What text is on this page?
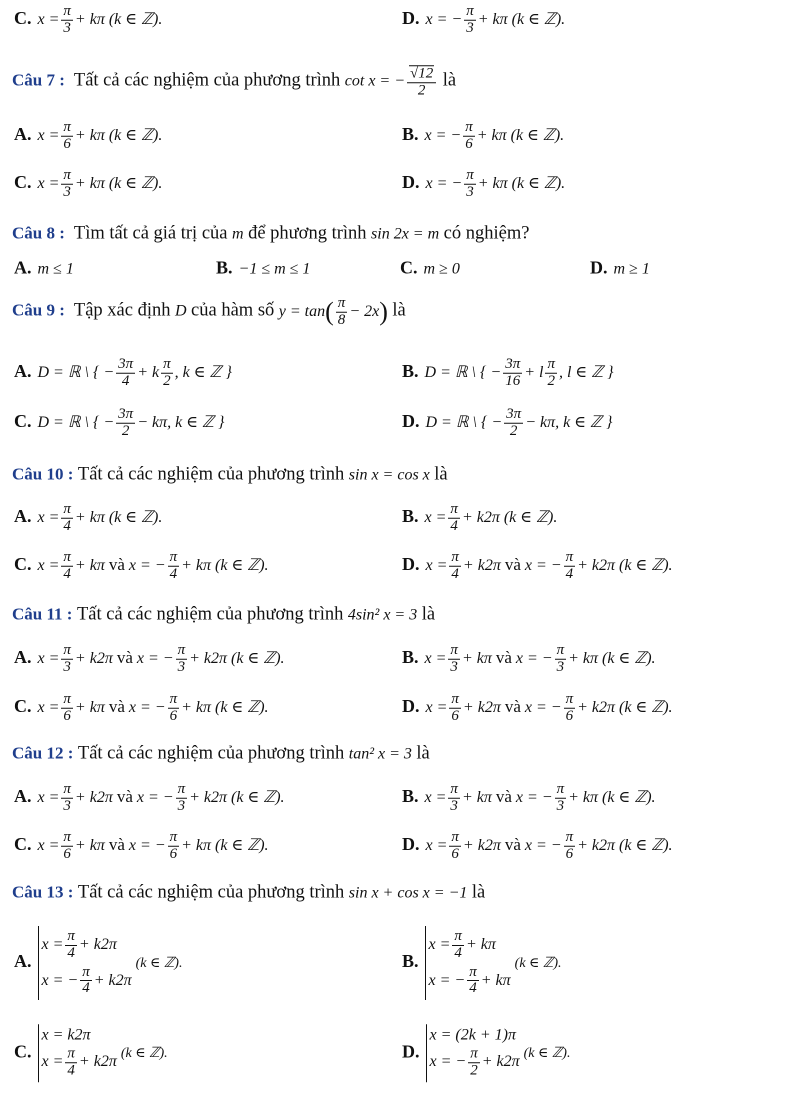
C. $x = \frac{\pi}{3} + k\pi$ (k ∈ ℤ).	D. x = − $\frac{\pi}{3} + k\pi$ (k ∈ ℤ).
Câu 7 : Tất cả các nghiệm của phương trình cot x = − $\frac{√12}{2}$ là
A. $x = \frac{\pi}{6} + k\pi$ (k ∈ ℤ).	B. x = − $\frac{\pi}{6} + k\pi$ (k ∈ ℤ).
C. $x = \frac{\pi}{3} + k\pi$ (k ∈ ℤ).	D. x = − $\frac{\pi}{3} + k\pi$ (k ∈ ℤ).
Câu 8 : Tìm tất cả giá trị của m để phương trình sin 2x = m có nghiệm?
A. m ≤ 1	B. −1 ≤ m ≤ 1	C. m ≥ 0	D. m ≥ 1
Câu 9 : Tập xác định D của hàm số $y = \tan( \frac{\pi}{8} - 2x)$ là
A. D = ℝ \ { − $\frac{3\pi}{4} + k \frac{\pi}{2}$ , k ∈ ℤ }	B. D = ℝ \ { − $\frac{3\pi}{16} + l \frac{\pi}{2}$ , l ∈ ℤ }
C. D = ℝ \ { − $\frac{3\pi}{2} - k\pi$, k ∈ ℤ }	D. D = ℝ \ { − $\frac{3\pi}{2} - k\pi$, k ∈ ℤ }
Câu 10 : Tất cả các nghiệm của phương trình sin x = cos x là
A. $x = \frac{\pi}{4} + k\pi$ (k ∈ ℤ).	B. $x = \frac{\pi}{4} + k2\pi$ (k ∈ ℤ).
C. $x = \frac{\pi}{4} + k\pi$ và x = − $\frac{\pi}{4} + k\pi$ (k ∈ ℤ).	D. $x = \frac{\pi}{4} + k2\pi$ và x = − $\frac{\pi}{4} + k2\pi$ (k ∈ ℤ).
Câu 11 : Tất cả các nghiệm của phương trình 4sin² x = 3 là
A. $x = \frac{\pi}{3} + k2\pi$ và x = − $\frac{\pi}{3} + k2\pi$ (k ∈ ℤ).	B. $x = \frac{\pi}{3} + k\pi$ và x = − $\frac{\pi}{3} + k\pi$ (k ∈ ℤ).
C. $x = \frac{\pi}{6} + k\pi$ và x = − $\frac{\pi}{6} + k\pi$ (k ∈ ℤ).	D. $x = \frac{\pi}{6} + k2\pi$ và x = − $\frac{\pi}{6} + k2\pi$ (k ∈ ℤ).
Câu 12 : Tất cả các nghiệm của phương trình tan² x = 3 là
A. $x = \frac{\pi}{3} + k2\pi$ và x = − $\frac{\pi}{3} + k2\pi$ (k ∈ ℤ).	B. $x = \frac{\pi}{3} + k\pi$ và x = − $\frac{\pi}{3} + k\pi$ (k ∈ ℤ).
C. $x = \frac{\pi}{6} + k\pi$ và x = − $\frac{\pi}{6} + k\pi$ (k ∈ ℤ).	D. $x = \frac{\pi}{6} + k2\pi$ và x = − $\frac{\pi}{6} + k2\pi$ (k ∈ ℤ).
Câu 13 : Tất cả các nghiệm của phương trình sin x + cos x = −1 là
A.
$x = \frac{\pi}{4} + k2\pi$
x = − $\frac{\pi}{4} + k2\pi$
(k ∈ ℤ).	B.
$x = \frac{\pi}{4} + k\pi$
x = − $\frac{\pi}{4} + k\pi$
(k ∈ ℤ).
C.
x = k2π
$x = \frac{\pi}{4} + k2\pi$ (k ∈ ℤ).	D.
x = (2k + 1)π
x = − $\frac{\pi}{2} + k2\pi$ (k ∈ ℤ).
